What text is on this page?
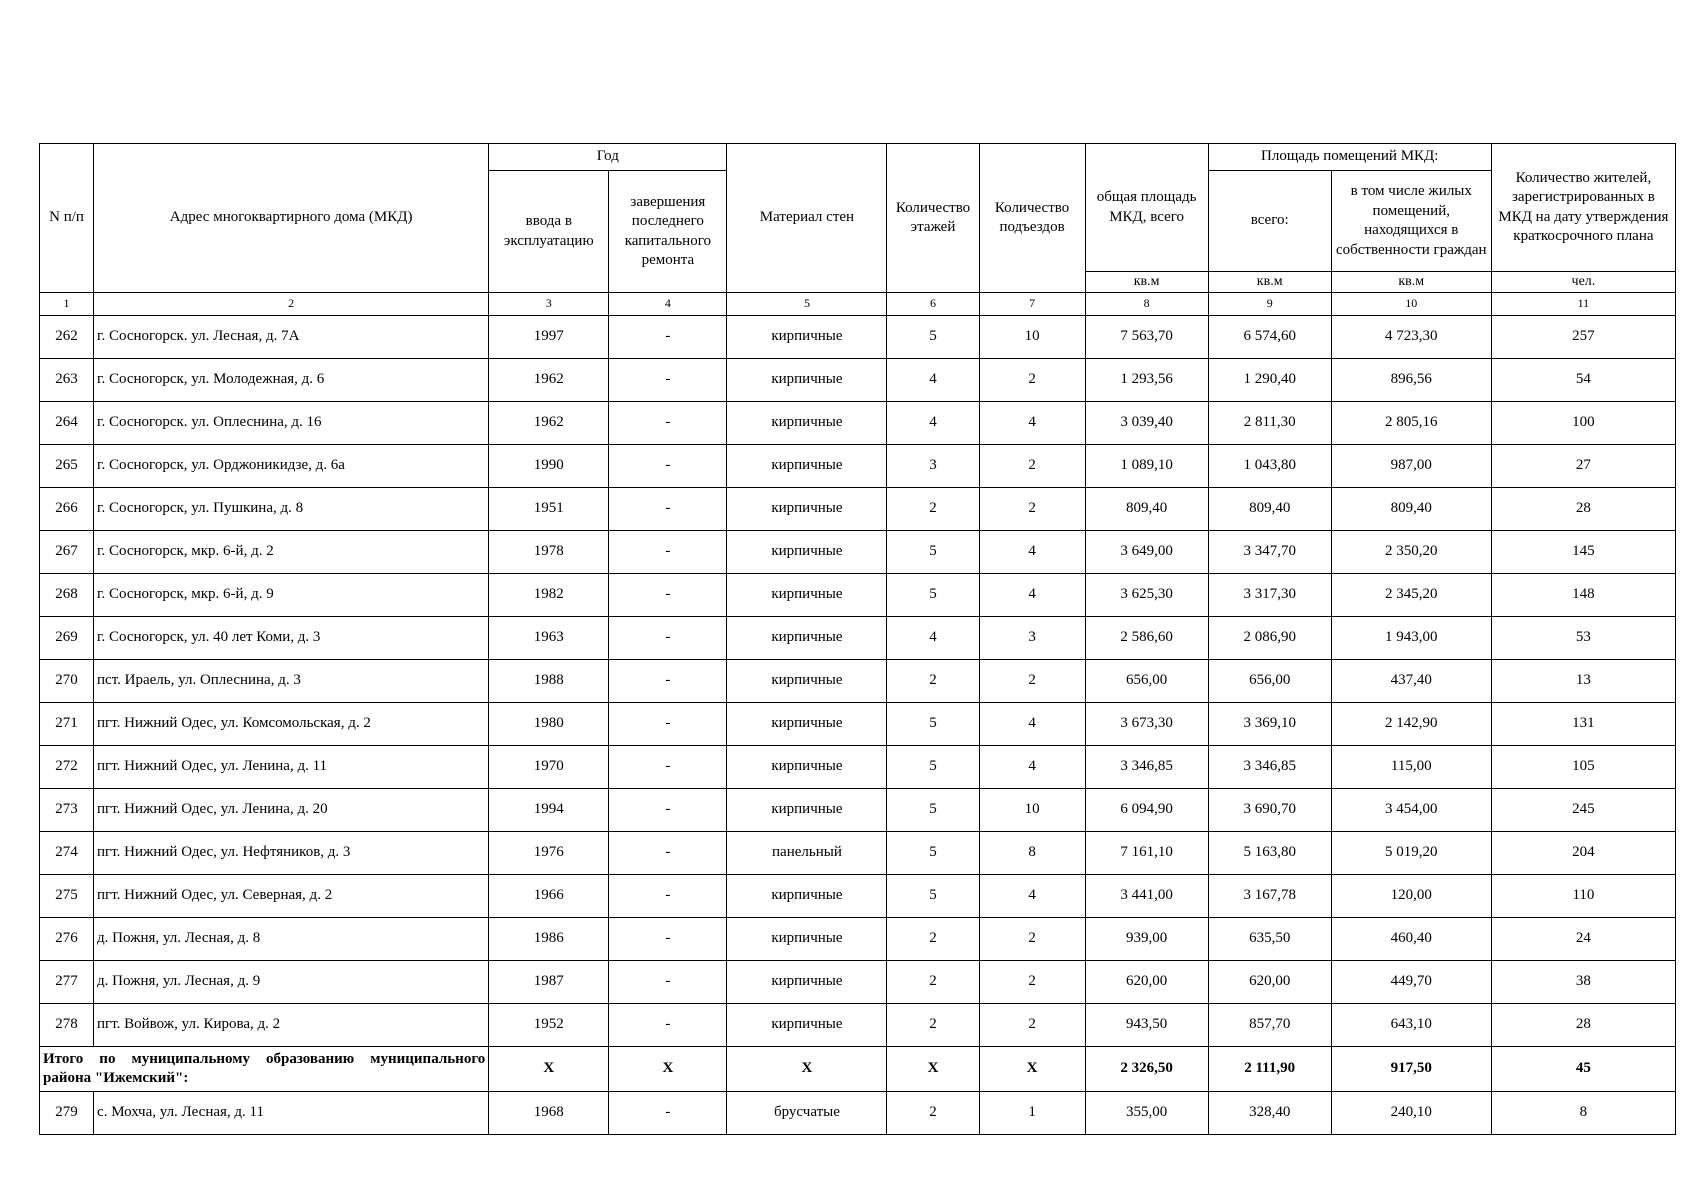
N п/п	Адрес многоквартирного дома (МКД)	Год		Материал стен	Количество этажей	Количество подъездов	общая площадь МКД, всего	Площадь помещений МКД:		Количество жителей, зарегистрированных в МКД на дату утверждения краткосрочного плана
		ввода в эксплуатацию	завершения последнего капитального ремонта					всего:	в том числе жилых помещений, находящихся в собственности граждан	
							кв.м	кв.м	кв.м	чел.
1	2	3	4	5	6	7	8	9	10	11
262	г. Сосногорск. ул. Лесная, д. 7А	1997	-	кирпичные	5	10	7 563,70	6 574,60	4 723,30	257
263	г. Сосногорск, ул. Молодежная, д. 6	1962	-	кирпичные	4	2	1 293,56	1 290,40	896,56	54
264	г. Сосногорск. ул. Оплеснина, д. 16	1962	-	кирпичные	4	4	3 039,40	2 811,30	2 805,16	100
265	г. Сосногорск, ул. Орджоникидзе, д. 6а	1990	-	кирпичные	3	2	1 089,10	1 043,80	987,00	27
266	г. Сосногорск, ул. Пушкина, д. 8	1951	-	кирпичные	2	2	809,40	809,40	809,40	28
267	г. Сосногорск, мкр. 6-й, д. 2	1978	-	кирпичные	5	4	3 649,00	3 347,70	2 350,20	145
268	г. Сосногорск, мкр. 6-й, д. 9	1982	-	кирпичные	5	4	3 625,30	3 317,30	2 345,20	148
269	г. Сосногорск, ул. 40 лет Коми, д. 3	1963	-	кирпичные	4	3	2 586,60	2 086,90	1 943,00	53
270	пст. Ираель, ул. Оплеснина, д. 3	1988	-	кирпичные	2	2	656,00	656,00	437,40	13
271	пгт. Нижний Одес, ул. Комсомольская, д. 2	1980	-	кирпичные	5	4	3 673,30	3 369,10	2 142,90	131
272	пгт. Нижний Одес, ул. Ленина, д. 11	1970	-	кирпичные	5	4	3 346,85	3 346,85	115,00	105
273	пгт. Нижний Одес, ул. Ленина, д. 20	1994	-	кирпичные	5	10	6 094,90	3 690,70	3 454,00	245
274	пгт. Нижний Одес, ул. Нефтяников, д. 3	1976	-	панельный	5	8	7 161,10	5 163,80	5 019,20	204
275	пгт. Нижний Одес, ул. Северная, д. 2	1966	-	кирпичные	5	4	3 441,00	3 167,78	120,00	110
276	д. Пожня, ул. Лесная, д. 8	1986	-	кирпичные	2	2	939,00	635,50	460,40	24
277	д. Пожня, ул. Лесная, д. 9	1987	-	кирпичные	2	2	620,00	620,00	449,70	38
278	пгт. Войвож, ул. Кирова, д. 2	1952	-	кирпичные	2	2	943,50	857,70	643,10	28
Итого по муниципальному образованию муниципального района "Ижемский":		X	X	X	X	X	2 326,50	2 111,90	917,50	45
279	с. Мохча, ул. Лесная, д. 11	1968	-	брусчатые	2	1	355,00	328,40	240,10	8
